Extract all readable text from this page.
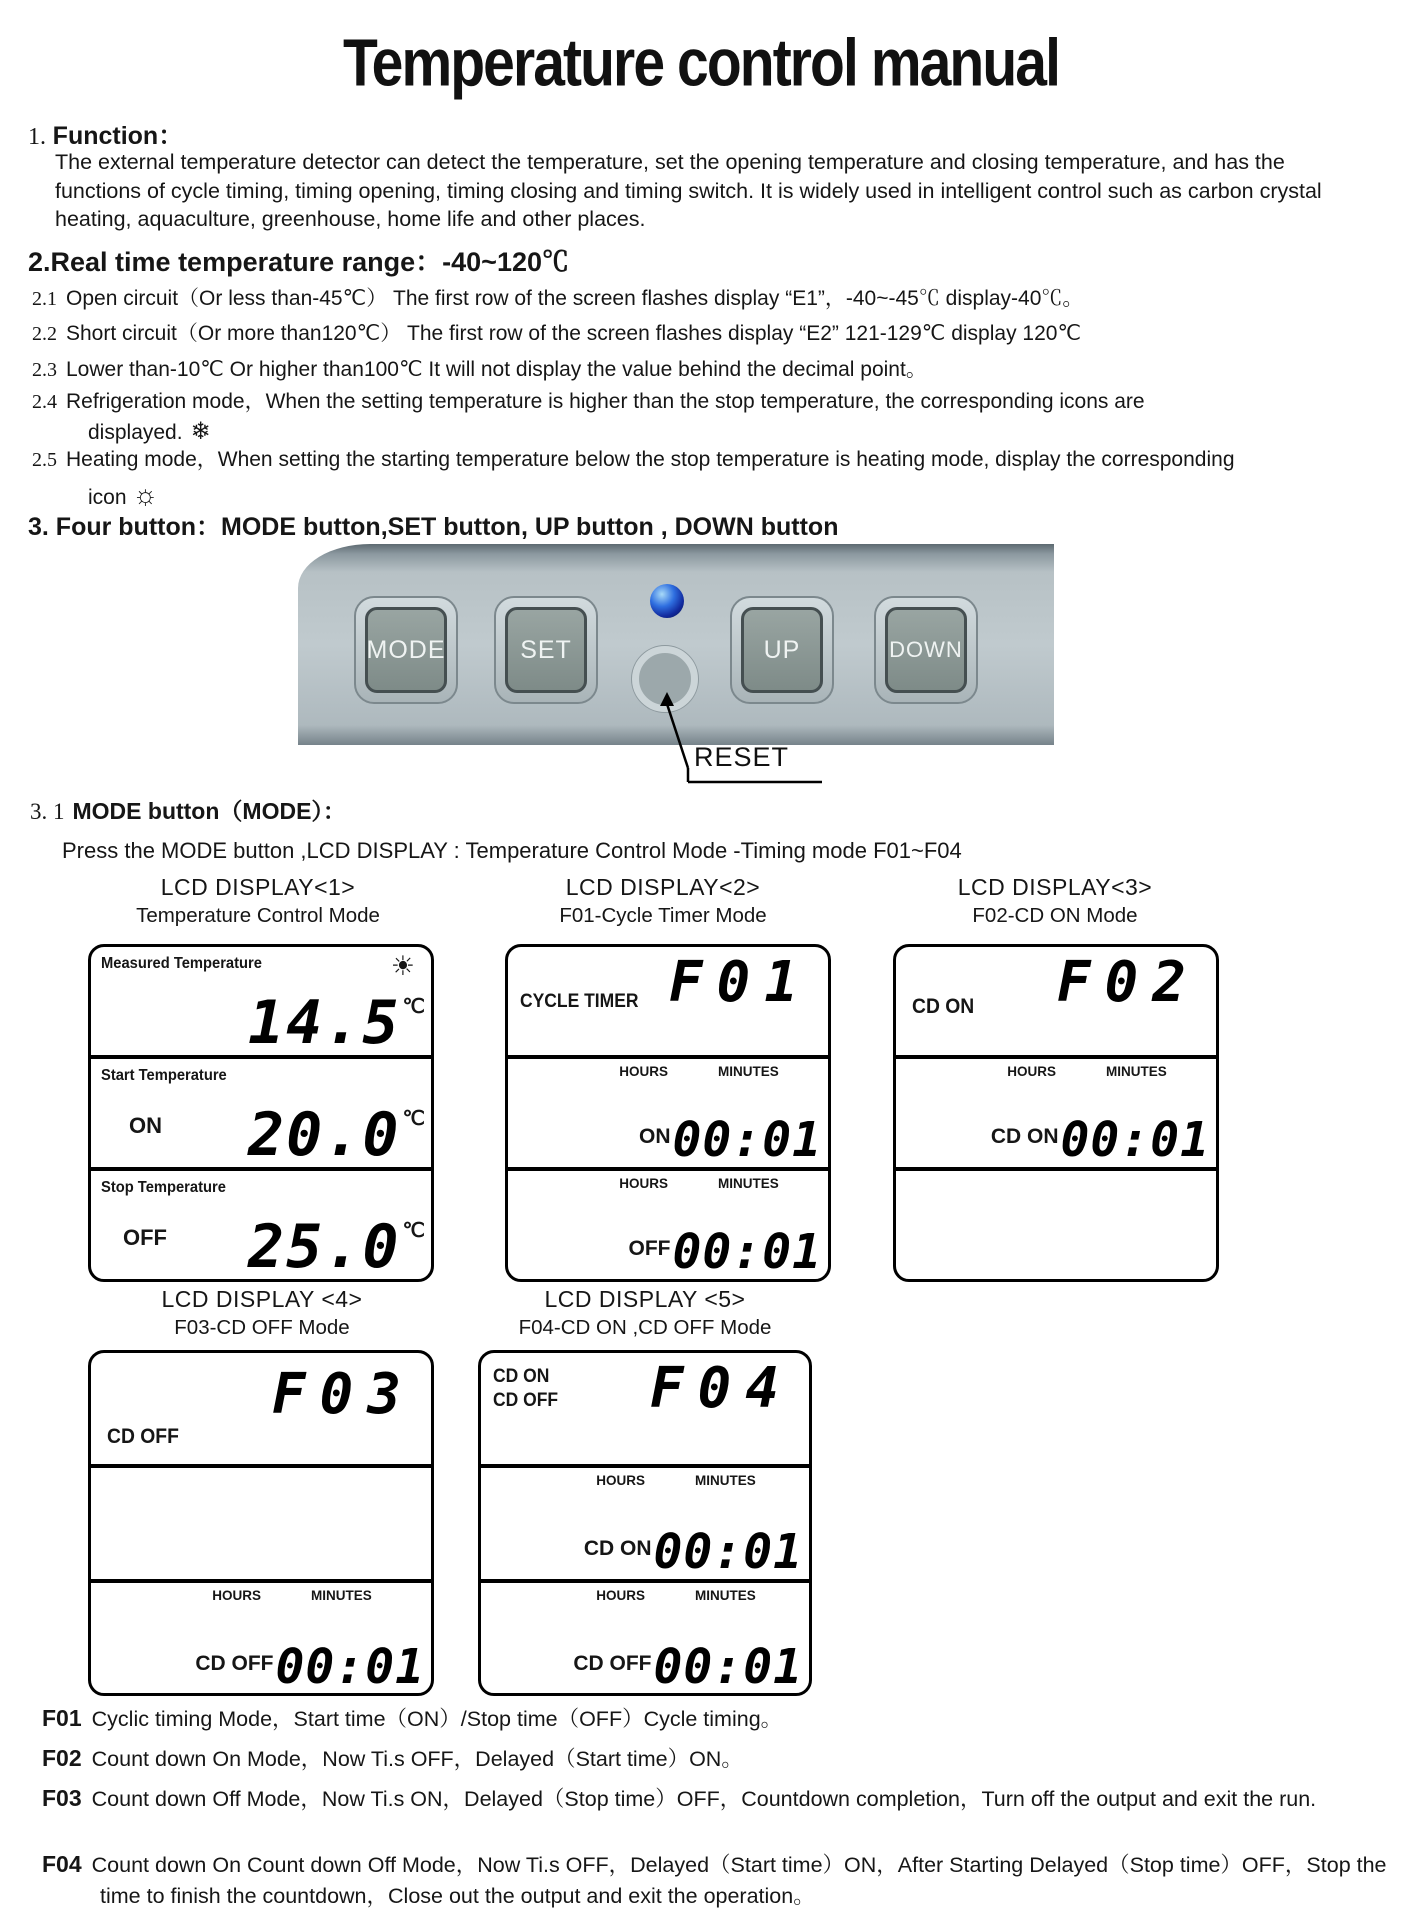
Temperature control manual
1. Function：
The external temperature detector can detect the temperature, set the opening temperature and closing temperature, and has the functions of cycle timing, timing opening, timing closing and timing switch. It is widely used in intelligent control such as carbon crystal heating, aquaculture, greenhouse, home life and other places.
2.Real time temperature range：-40~120℃
2.1 Open circuit（Or less than-45℃） The first row of the screen flashes display “E1”，-40~-45℃ display-40℃。
2.2 Short circuit（Or more than120℃） The first row of the screen flashes display “E2” 121-129℃ display 120℃
2.3 Lower than-10℃ Or higher than100℃ It will not display the value behind the decimal point。
2.4 Refrigeration mode，When the setting temperature is higher than the stop temperature, the corresponding icons are
displayed. ❄
2.5 Heating mode，When setting the starting temperature below the stop temperature is heating mode, display the corresponding
icon ☼
3. Four button：MODE button,SET button, UP button , DOWN button
MODE	SET	UP	DOWN
RESET
3. 1 MODE button（MODE）：
Press the MODE button ,LCD DISPLAY : Temperature Control Mode -Timing mode F01~F04
LCD DISPLAY<1>
Temperature Control Mode
LCD DISPLAY<2>
F01-Cycle Timer Mode
LCD DISPLAY<3>
F02-CD ON Mode
Measured Temperature	☀
14.5 ℃
Start Temperature
ON 20.0 ℃
Stop Temperature
OFF 25.0 ℃
CYCLE TIMER F01
HOURS	MINUTES
ON 00:01
HOURS	MINUTES
OFF 00:01
CD ON F02
HOURS	MINUTES
CD ON 00:01
LCD DISPLAY <4>
F03-CD OFF Mode
LCD DISPLAY <5>
F04-CD ON ,CD OFF Mode
CD OFF
F03
HOURS	MINUTES
CD OFF 00:01
CD ON
CD OFF F04
HOURS	MINUTES
CD ON 00:01
HOURS	MINUTES
CD OFF 00:01
F01 Cyclic timing Mode，Start time（ON）/Stop time（OFF）Cycle timing。
F02 Count down On Mode，Now Ti.s OFF，Delayed（Start time）ON。
F03 Count down Off Mode，Now Ti.s ON，Delayed（Stop time）OFF，Countdown completion，Turn off the output and exit the run.
F04 Count down On Count down Off Mode，Now Ti.s OFF，Delayed（Start time）ON，After Starting Delayed（Stop time）OFF，Stop the time to finish the countdown，Close out the output and exit the operation。
